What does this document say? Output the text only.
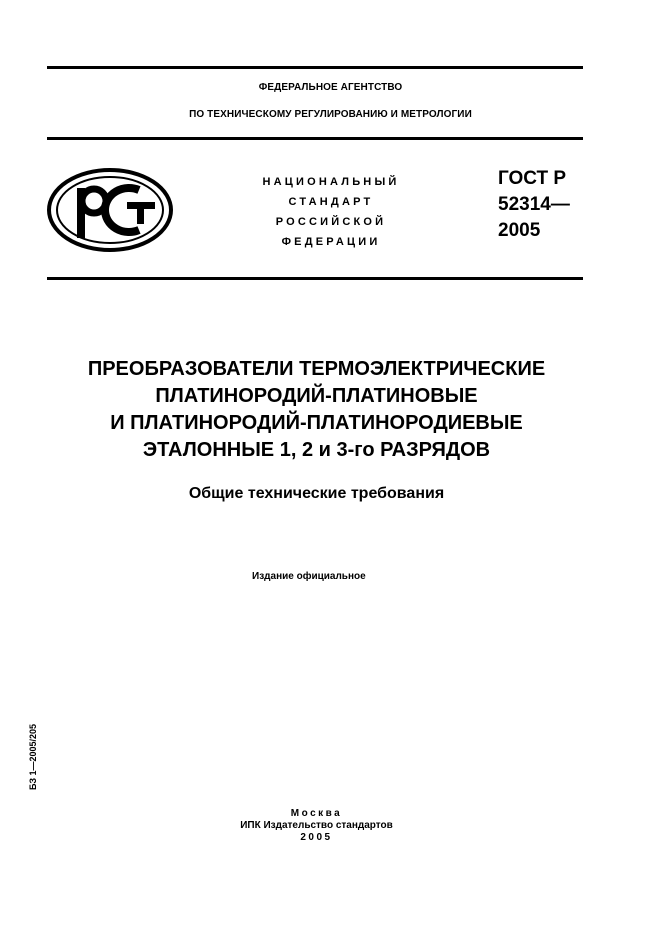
ФЕДЕРАЛЬНОЕ АГЕНТСТВО
ПО ТЕХНИЧЕСКОМУ РЕГУЛИРОВАНИЮ И МЕТРОЛОГИИ
НАЦИОНАЛЬНЫЙ
СТАНДАРТ
РОССИЙСКОЙ
ФЕДЕРАЦИИ
ГОСТ Р
52314—
2005
ПРЕОБРАЗОВАТЕЛИ ТЕРМОЭЛЕКТРИЧЕСКИЕ
ПЛАТИНОРОДИЙ-ПЛАТИНОВЫЕ
И ПЛАТИНОРОДИЙ-ПЛАТИНОРОДИЕВЫЕ
ЭТАЛОННЫЕ 1, 2 и 3-го РАЗРЯДОВ
Общие технические требования
Издание официальное
БЗ 1—2005/205
Москва
ИПК Издательство стандартов
2005
